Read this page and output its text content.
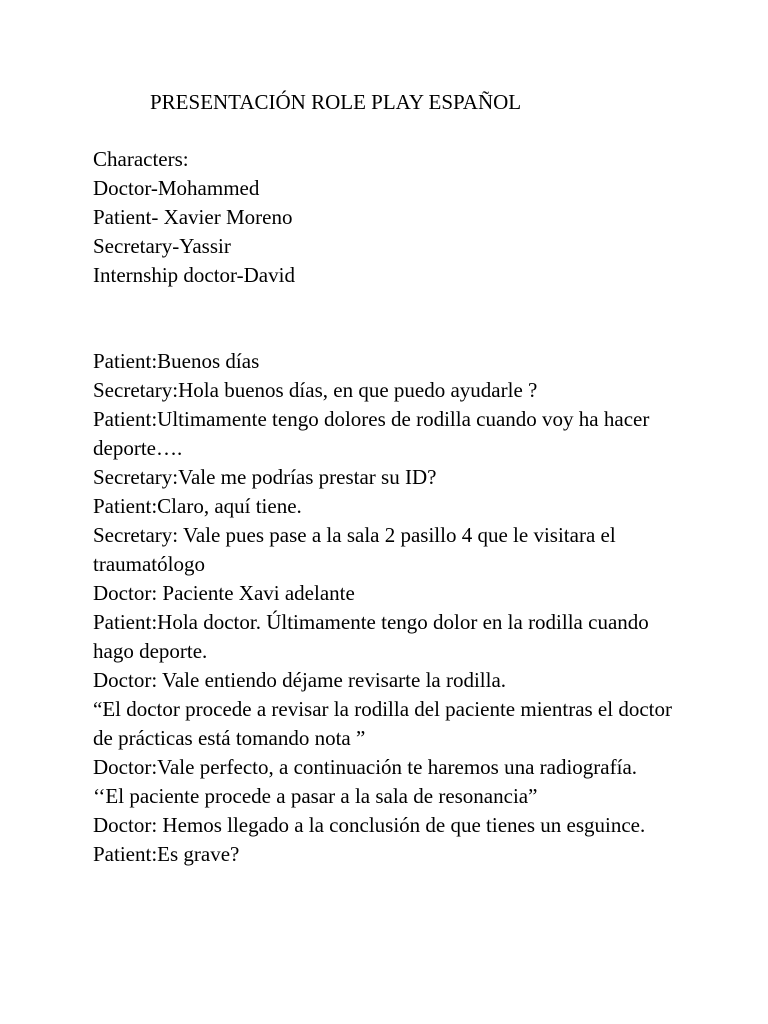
PRESENTACIÓN ROLE PLAY ESPAÑOL
Characters:
Doctor-Mohammed
Patient- Xavier Moreno
Secretary-Yassir
Internship doctor-David
Patient:Buenos días
Secretary:Hola buenos días, en que puedo ayudarle ?
Patient:Ultimamente tengo dolores de rodilla cuando voy ha hacer deporte….
Secretary:Vale me podrías prestar su ID?
Patient:Claro, aquí tiene.
Secretary: Vale pues pase a la sala 2 pasillo 4 que le visitara el traumatólogo
Doctor: Paciente Xavi adelante
Patient:Hola doctor. Últimamente tengo dolor en la rodilla cuando hago deporte.
Doctor: Vale entiendo déjame revisarte la rodilla.
“El doctor procede a revisar la rodilla del paciente mientras el doctor de prácticas está tomando nota ”
Doctor:Vale perfecto, a continuación te haremos una radiografía.
‘‘El paciente procede a pasar a la sala de resonancia”
Doctor: Hemos llegado a la conclusión de que tienes un esguince.
Patient:Es grave?
